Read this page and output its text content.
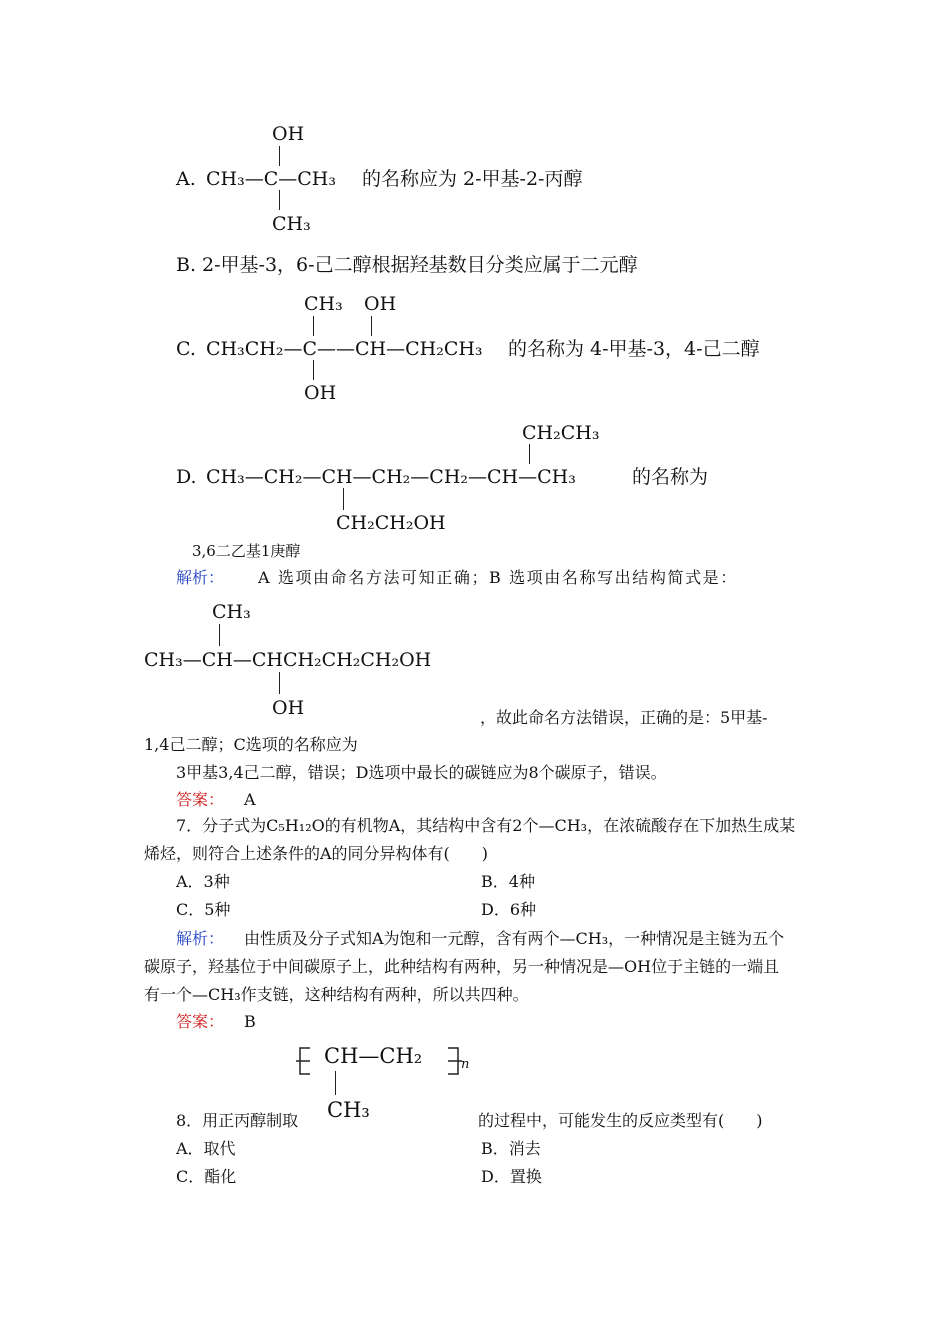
OH
A. CH₃—C—CH₃ 的名称应为 2-甲基-2-丙醇
CH₃
B. 2-甲基-3，6-己二醇根据羟基数目分类应属于二元醇
CH₃ OH
C. CH₃CH₂—C——CH—CH₂CH₃ 的名称为 4-甲基-3，4-己二醇
OH
CH₂CH₃
D. CH₃—CH₂—CH—CH₂—CH₂—CH—CH₃	的名称为
CH₂CH₂OH
3,6二乙基1庚醇
解析： A 选项由命名方法可知正确；B 选项由名称写出结构简式是：
CH₃
CH₃—CH—CHCH₂CH₂CH₂OH
OH	，故此命名方法错误，正确的是：5甲基-
1,4己二醇；C选项的名称应为
3甲基3,4己二醇，错误；D选项中最长的碳链应为8个碳原子，错误。
答案： A
7．分子式为C₅H₁₂O的有机物A，其结构中含有2个—CH₃，在浓硫酸存在下加热生成某
烯烃，则符合上述条件的A的同分异构体有(　　)
A．3种	B．4种
C．5种	D．6种
解析： 由性质及分子式知A为饱和一元醇，含有两个—CH₃，一种情况是主链为五个
碳原子，羟基位于中间碳原子上，此种结构有两种，另一种情况是—OH位于主链的一端且
有一个—CH₃作支链，这种结构有两种，所以共四种。
答案： B
CH—CH₂	n
CH₃
8．用正丙醇制取	的过程中，可能发生的反应类型有(　　)
A．取代	B．消去
C．酯化	D．置换
